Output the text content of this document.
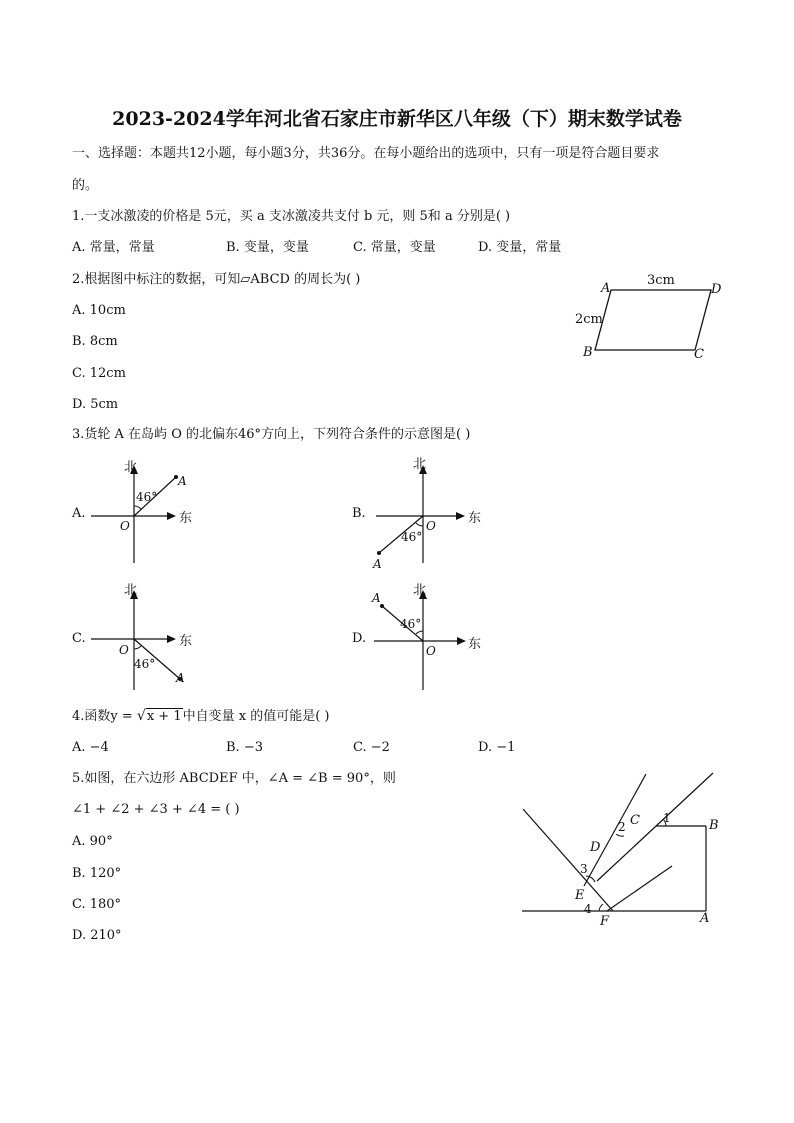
2023-2024学年河北省石家庄市新华区八年级（下）期末数学试卷
一、选择题：本题共12小题，每小题3分，共36分。在每小题给出的选项中，只有一项是符合题目要求
的。
1.一支冰激凌的价格是 5元，买 a 支冰激凌共支付 b 元，则 5和 a 分别是( )
A. 常量，常量	B. 变量，变量	C. 常量，变量	D. 变量，常量
2.根据图中标注的数据，可知▱ABCD 的周长为( )
A. 10cm
B. 8cm
C. 12cm
D. 5cm
A	D
B	C
3cm
2cm
3.货轮 A 在岛屿 O 的北偏东46°方向上，下列符合条件的示意图是( )
A.	B.
C.	D.
北
东
O
A
46°
北
东
O
A
46°
北
东
O
A
46°
北
东
O
A
46°
4.函数y = √x + 1中自变量 x 的值可能是( )
A. −4	B. −3	C. −2	D. −1
5.如图，在六边形 ABCDEF 中，∠A = ∠B = 90°，则
∠1 + ∠2 + ∠3 + ∠4 = ( )
A. 90°
B. 120°
C. 180°
D. 210°
B
A
C
D
E
F
1
2
3
4
